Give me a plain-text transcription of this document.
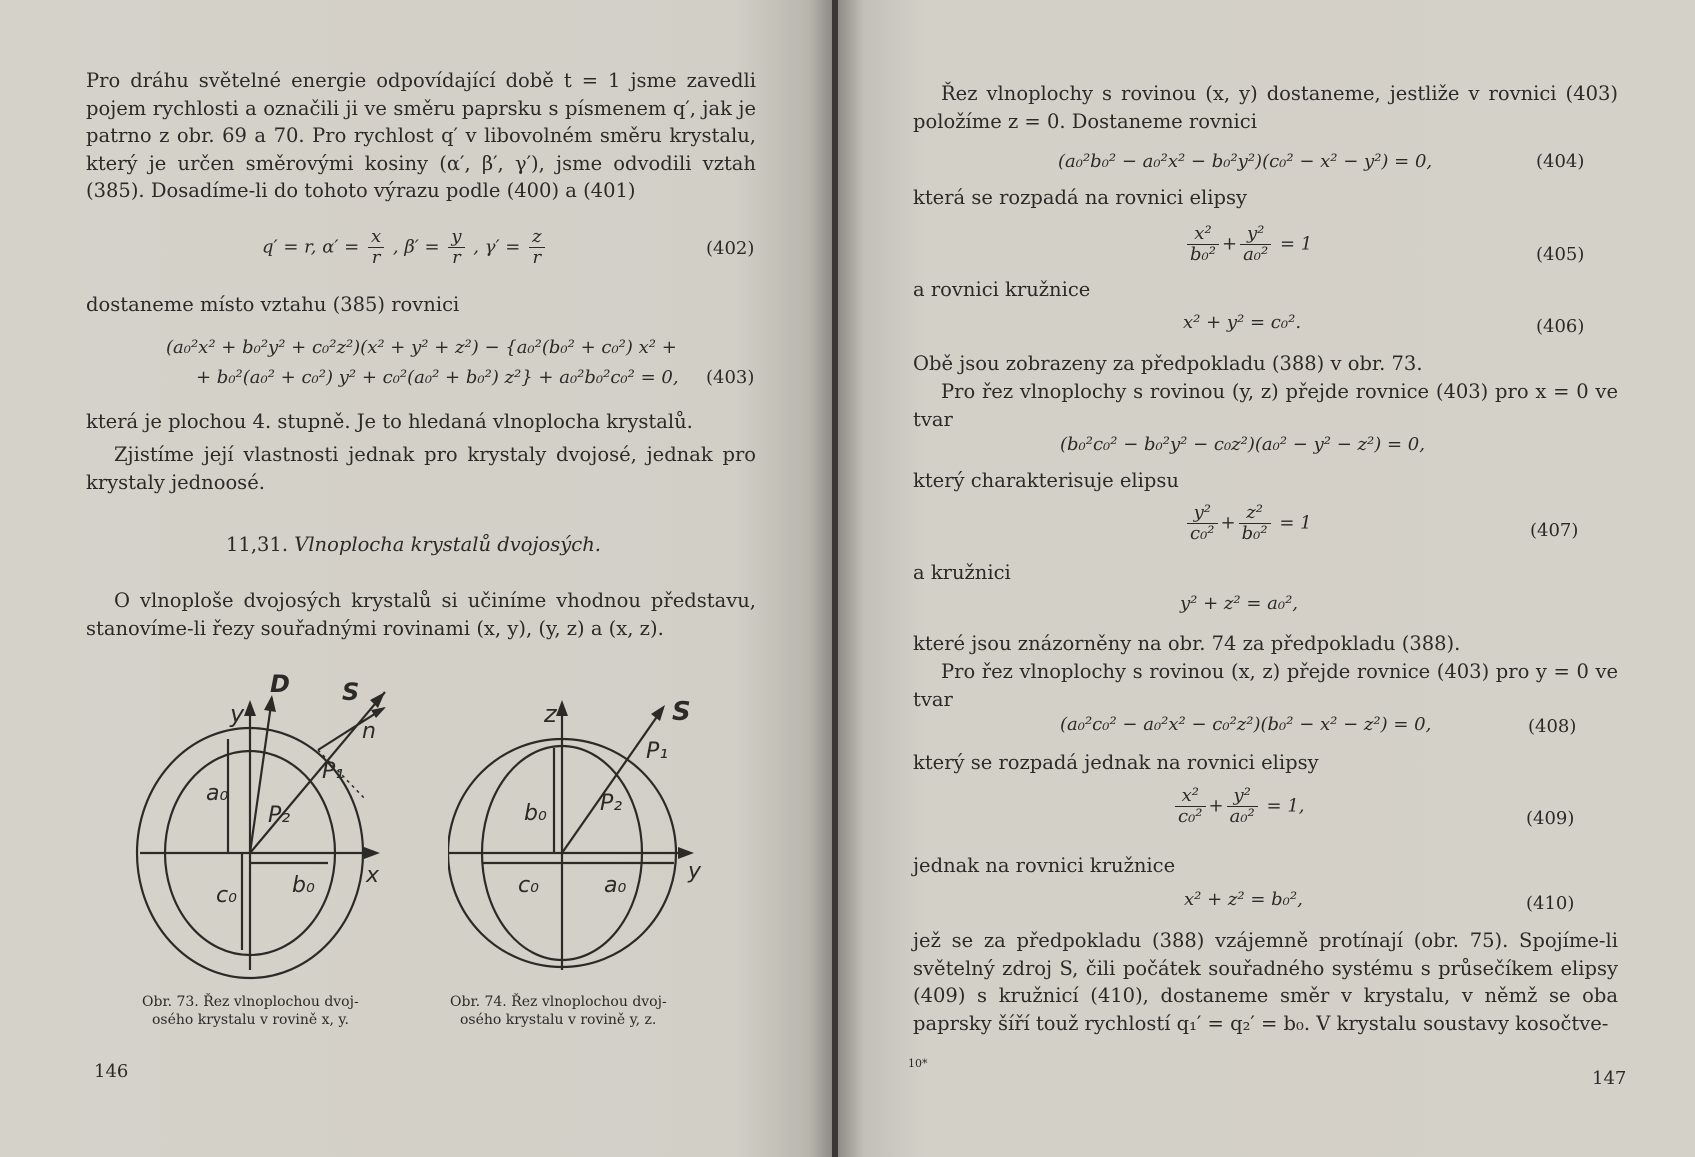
Pro dráhu světelné energie odpovídající době t = 1 jsme zavedli pojem rychlosti a označili ji ve směru paprsku s písmenem q′, jak je patrno z obr. 69 a 70. Pro rychlost q′ v libovolném směru krystalu, který je určen směrovými kosiny (α′, β′, γ′), jsme odvodili vztah (385). Dosadíme-li do tohoto výrazu podle (400) a (401)
q′ = r, $\alpha' = \frac{x}{r}$ , $\beta' = \frac{y}{r}$ , $\gamma' = \frac{z}{r}$	(402)
dostaneme místo vztahu (385) rovnici
(a₀²x² + b₀²y² + c₀²z²)(x² + y² + z²) − {a₀²(b₀² + c₀²) x² +
+ b₀²(a₀² + c₀²) y² + c₀²(a₀² + b₀²) z²} + a₀²b₀²c₀² = 0, (403)
která je plochou 4. stupně. Je to hledaná vlnoplocha krystalů.
Zjistíme její vlastnosti jednak pro krystaly dvojosé, jednak pro krystaly jednoosé.
11,31. Vlnoplocha krystalů dvojosých.
O vlnoploše dvojosých krystalů si učiníme vhodnou představu, stanovíme-li řezy souřadnými rovinami (x, y), (y, z) a (x, z).
y
D S
n
P₁
P₂
a₀
b₀
c₀
x
z	S
P₁
P₂
b₀
c₀	a₀
y
Obr. 73. Řez vlnoplochou dvoj-
osého krystalu v rovině x, y.
Obr. 74. Řez vlnoplochou dvoj-
osého krystalu v rovině y, z.
146
Řez vlnoplochy s rovinou (x, y) dostaneme, jestliže v rovnici (403) položíme z = 0. Dostaneme rovnici
(a₀²b₀² − a₀²x² − b₀²y²)(c₀² − x² − y²) = 0,	(404)
která se rozpadá na rovnici elipsy
$\frac{\text{x²}}{\text{b₀²}} + \frac{\text{y²}}{\text{a₀²}} = 1$	(405)
a rovnici kružnice
x² + y² = c₀².	(406)
Obě jsou zobrazeny za předpokladu (388) v obr. 73.
Pro řez vlnoplochy s rovinou (y, z) přejde rovnice (403) pro x = 0 ve tvar
(b₀²c₀² − b₀²y² − c₀z²)(a₀² − y² − z²) = 0,
který charakterisuje elipsu
$\frac{\text{y²}}{\text{c₀²}} + \frac{\text{z²}}{\text{b₀²}} = 1$	(407)
a kružnici
y² + z² = a₀²,
které jsou znázorněny na obr. 74 za předpokladu (388).
Pro řez vlnoplochy s rovinou (x, z) přejde rovnice (403) pro y = 0 ve tvar
(a₀²c₀² − a₀²x² − c₀²z²)(b₀² − x² − z²) = 0,	(408)
který se rozpadá jednak na rovnici elipsy
$\frac{\text{x²}}{\text{c₀²}} + \frac{\text{y²}}{\text{a₀²}} = 1$,
(409)
jednak na rovnici kružnice
x² + z² = b₀²,	(410)
jež se za předpokladu (388) vzájemně protínají (obr. 75). Spojíme-li světelný zdroj S, čili počátek souřadného systému s průsečíkem elipsy (409) s kružnicí (410), dostaneme směr v krystalu, v němž se oba paprsky šíří touž rychlostí q₁′ = q₂′ = b₀. V krystalu soustavy kosočtve-
10*
147
